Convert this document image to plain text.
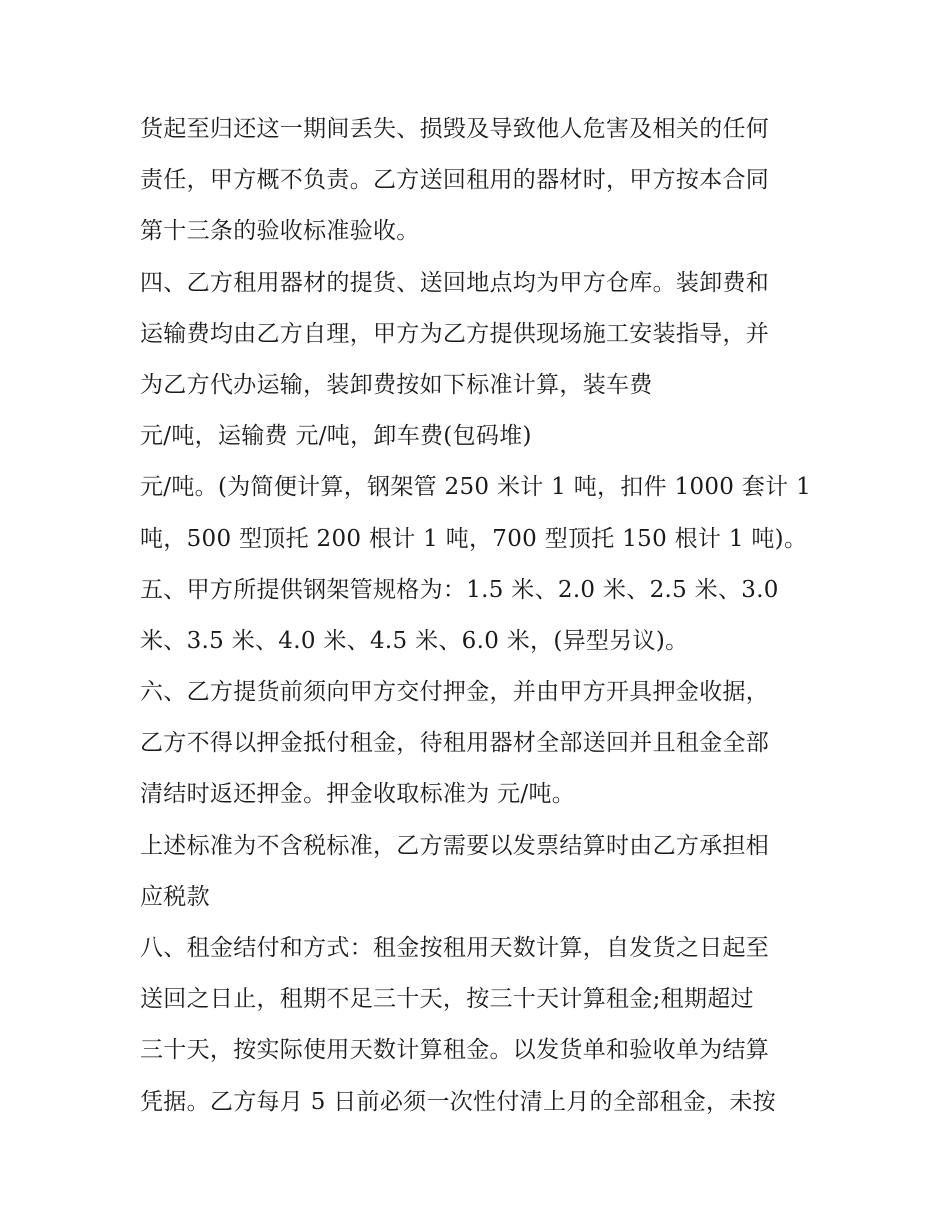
货起至归还这一期间丢失、损毁及导致他人危害及相关的任何
责任，甲方概不负责。乙方送回租用的器材时，甲方按本合同
第十三条的验收标准验收。
四、乙方租用器材的提货、送回地点均为甲方仓库。装卸费和
运输费均由乙方自理，甲方为乙方提供现场施工安装指导，并
为乙方代办运输，装卸费按如下标准计算，装车费
元/吨，运输费 元/吨，卸车费(包码堆)
元/吨。(为简便计算，钢架管 250 米计 1 吨，扣件 1000 套计 1
吨，500 型顶托 200 根计 1 吨，700 型顶托 150 根计 1 吨)。
五、甲方所提供钢架管规格为：1.5 米、2.0 米、2.5 米、3.0
米、3.5 米、4.0 米、4.5 米、6.0 米，(异型另议)。
六、乙方提货前须向甲方交付押金，并由甲方开具押金收据，
乙方不得以押金抵付租金，待租用器材全部送回并且租金全部
清结时返还押金。押金收取标准为 元/吨。
上述标准为不含税标准，乙方需要以发票结算时由乙方承担相
应税款
八、租金结付和方式：租金按租用天数计算，自发货之日起至
送回之日止，租期不足三十天，按三十天计算租金;租期超过
三十天，按实际使用天数计算租金。以发货单和验收单为结算
凭据。乙方每月 5 日前必须一次性付清上月的全部租金，未按
